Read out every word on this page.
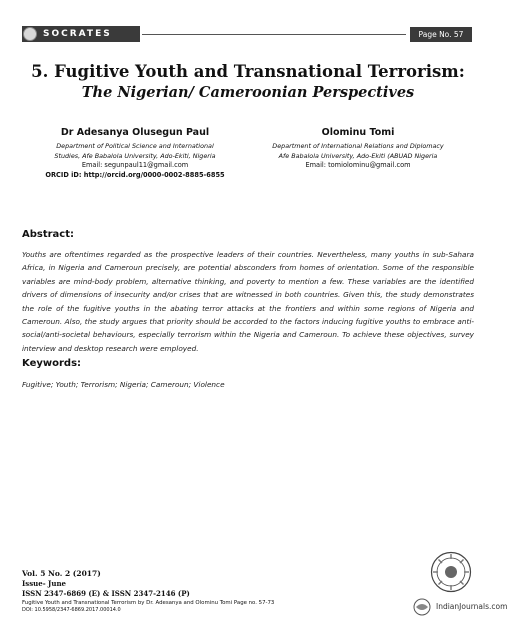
SOCRATES	Page No. 57
5. Fugitive Youth and Transnational Terrorism:
The Nigerian/ Cameroonian Perspectives
Dr Adesanya Olusegun Paul
Department of Political Science and International
Studies, Afe Babalola University, Ado-Ekiti, Nigeria
Email: segunpaul11@gmail.com
ORCID iD: http://orcid.org/0000-0002-8885-6855
Olominu Tomi
Department of International Relations and Diplomacy
Afe Babalola University, Ado-Ekiti (ABUAD Nigeria
Email: tomiolominu@gmail.com
Abstract:

Youths are oftentimes regarded as the prospective leaders of their countries. Nevertheless, many youths in sub-Sahara Africa, in Nigeria and Cameroun precisely, are potential absconders from homes of orientation. Some of the responsible variables are mind-body problem, alternative thinking, and poverty to mention a few. These variables are the identified drivers of dimensions of insecurity and/or crises that are witnessed in both countries. Given this, the study demonstrates the role of the fugitive youths in the abating terror attacks at the frontiers and within some regions of Nigeria and Cameroun. Also, the study argues that priority should be accorded to the factors inducing fugitive youths to embrace anti-social/anti-societal behaviours, especially terrorism within the Nigeria and Cameroun. To achieve these objectives, survey interview and desktop research were employed.

Keywords:

Fugitive; Youth; Terrorism; Nigeria; Cameroun; Violence

Vol. 5 No. 2 (2017)
Issue- June
ISSN 2347-6869 (E) & ISSN 2347-2146 (P)
Fugitive Youth and Transnational Terrorism by Dr. Adesanya and Olominu Tomi Page no. 57-73
DOI: 10.5958/2347-6869.2017.00014.0	IndianJournals.com
